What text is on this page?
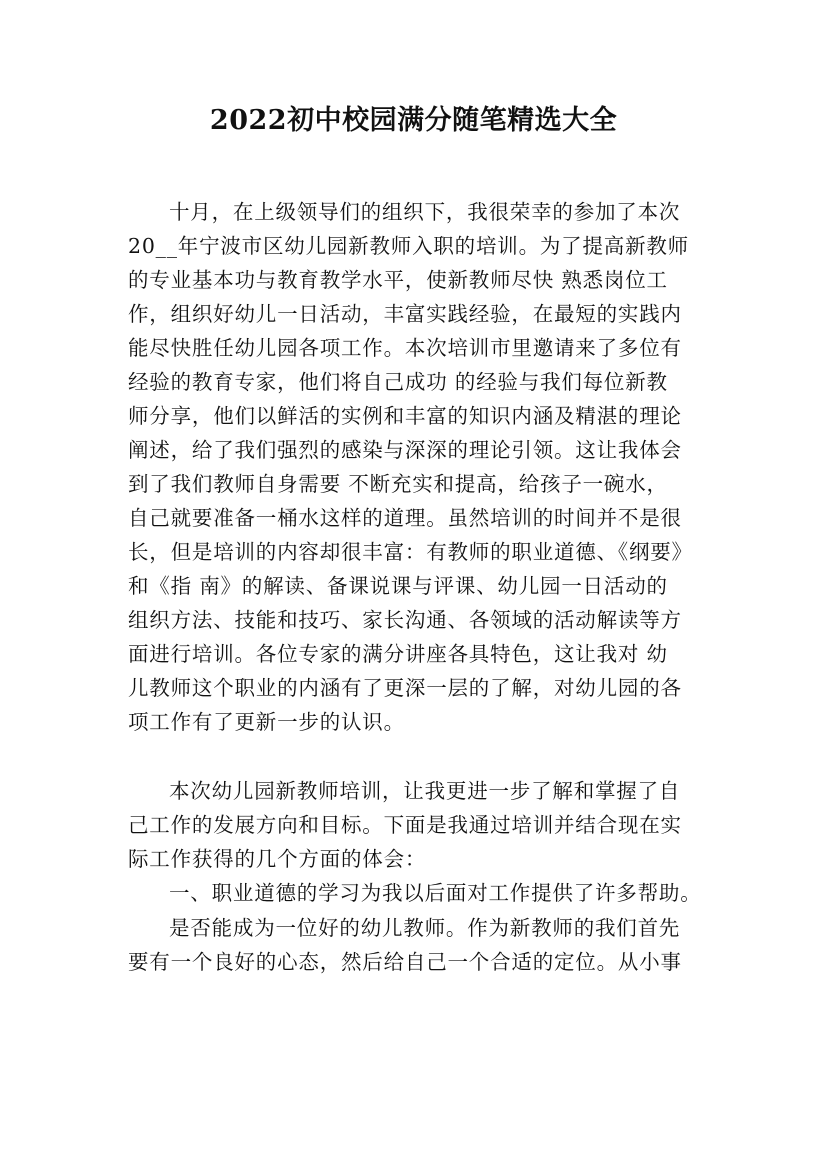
2022初中校园满分随笔精选大全
十月，在上级领导们的组织下，我很荣幸的参加了本次
20__年宁波市区幼儿园新教师入职的培训。为了提高新教师
的专业基本功与教育教学水平，使新教师尽快 熟悉岗位工
作，组织好幼儿一日活动，丰富实践经验，在最短的实践内
能尽快胜任幼儿园各项工作。本次培训市里邀请来了多位有
经验的教育专家，他们将自己成功 的经验与我们每位新教
师分享，他们以鲜活的实例和丰富的知识内涵及精湛的理论
阐述，给了我们强烈的感染与深深的理论引领。这让我体会
到了我们教师自身需要 不断充实和提高，给孩子一碗水，
自己就要准备一桶水这样的道理。虽然培训的时间并不是很
长，但是培训的内容却很丰富：有教师的职业道德、《纲要》
和《指 南》的解读、备课说课与评课、幼儿园一日活动的
组织方法、技能和技巧、家长沟通、各领域的活动解读等方
面进行培训。各位专家的满分讲座各具特色，这让我对 幼
儿教师这个职业的内涵有了更深一层的了解，对幼儿园的各
项工作有了更新一步的认识。
本次幼儿园新教师培训，让我更进一步了解和掌握了自
己工作的发展方向和目标。下面是我通过培训并结合现在实
际工作获得的几个方面的体会：
一、职业道德的学习为我以后面对工作提供了许多帮助。
是否能成为一位好的幼儿教师。作为新教师的我们首先
要有一个良好的心态，然后给自己一个合适的定位。从小事
